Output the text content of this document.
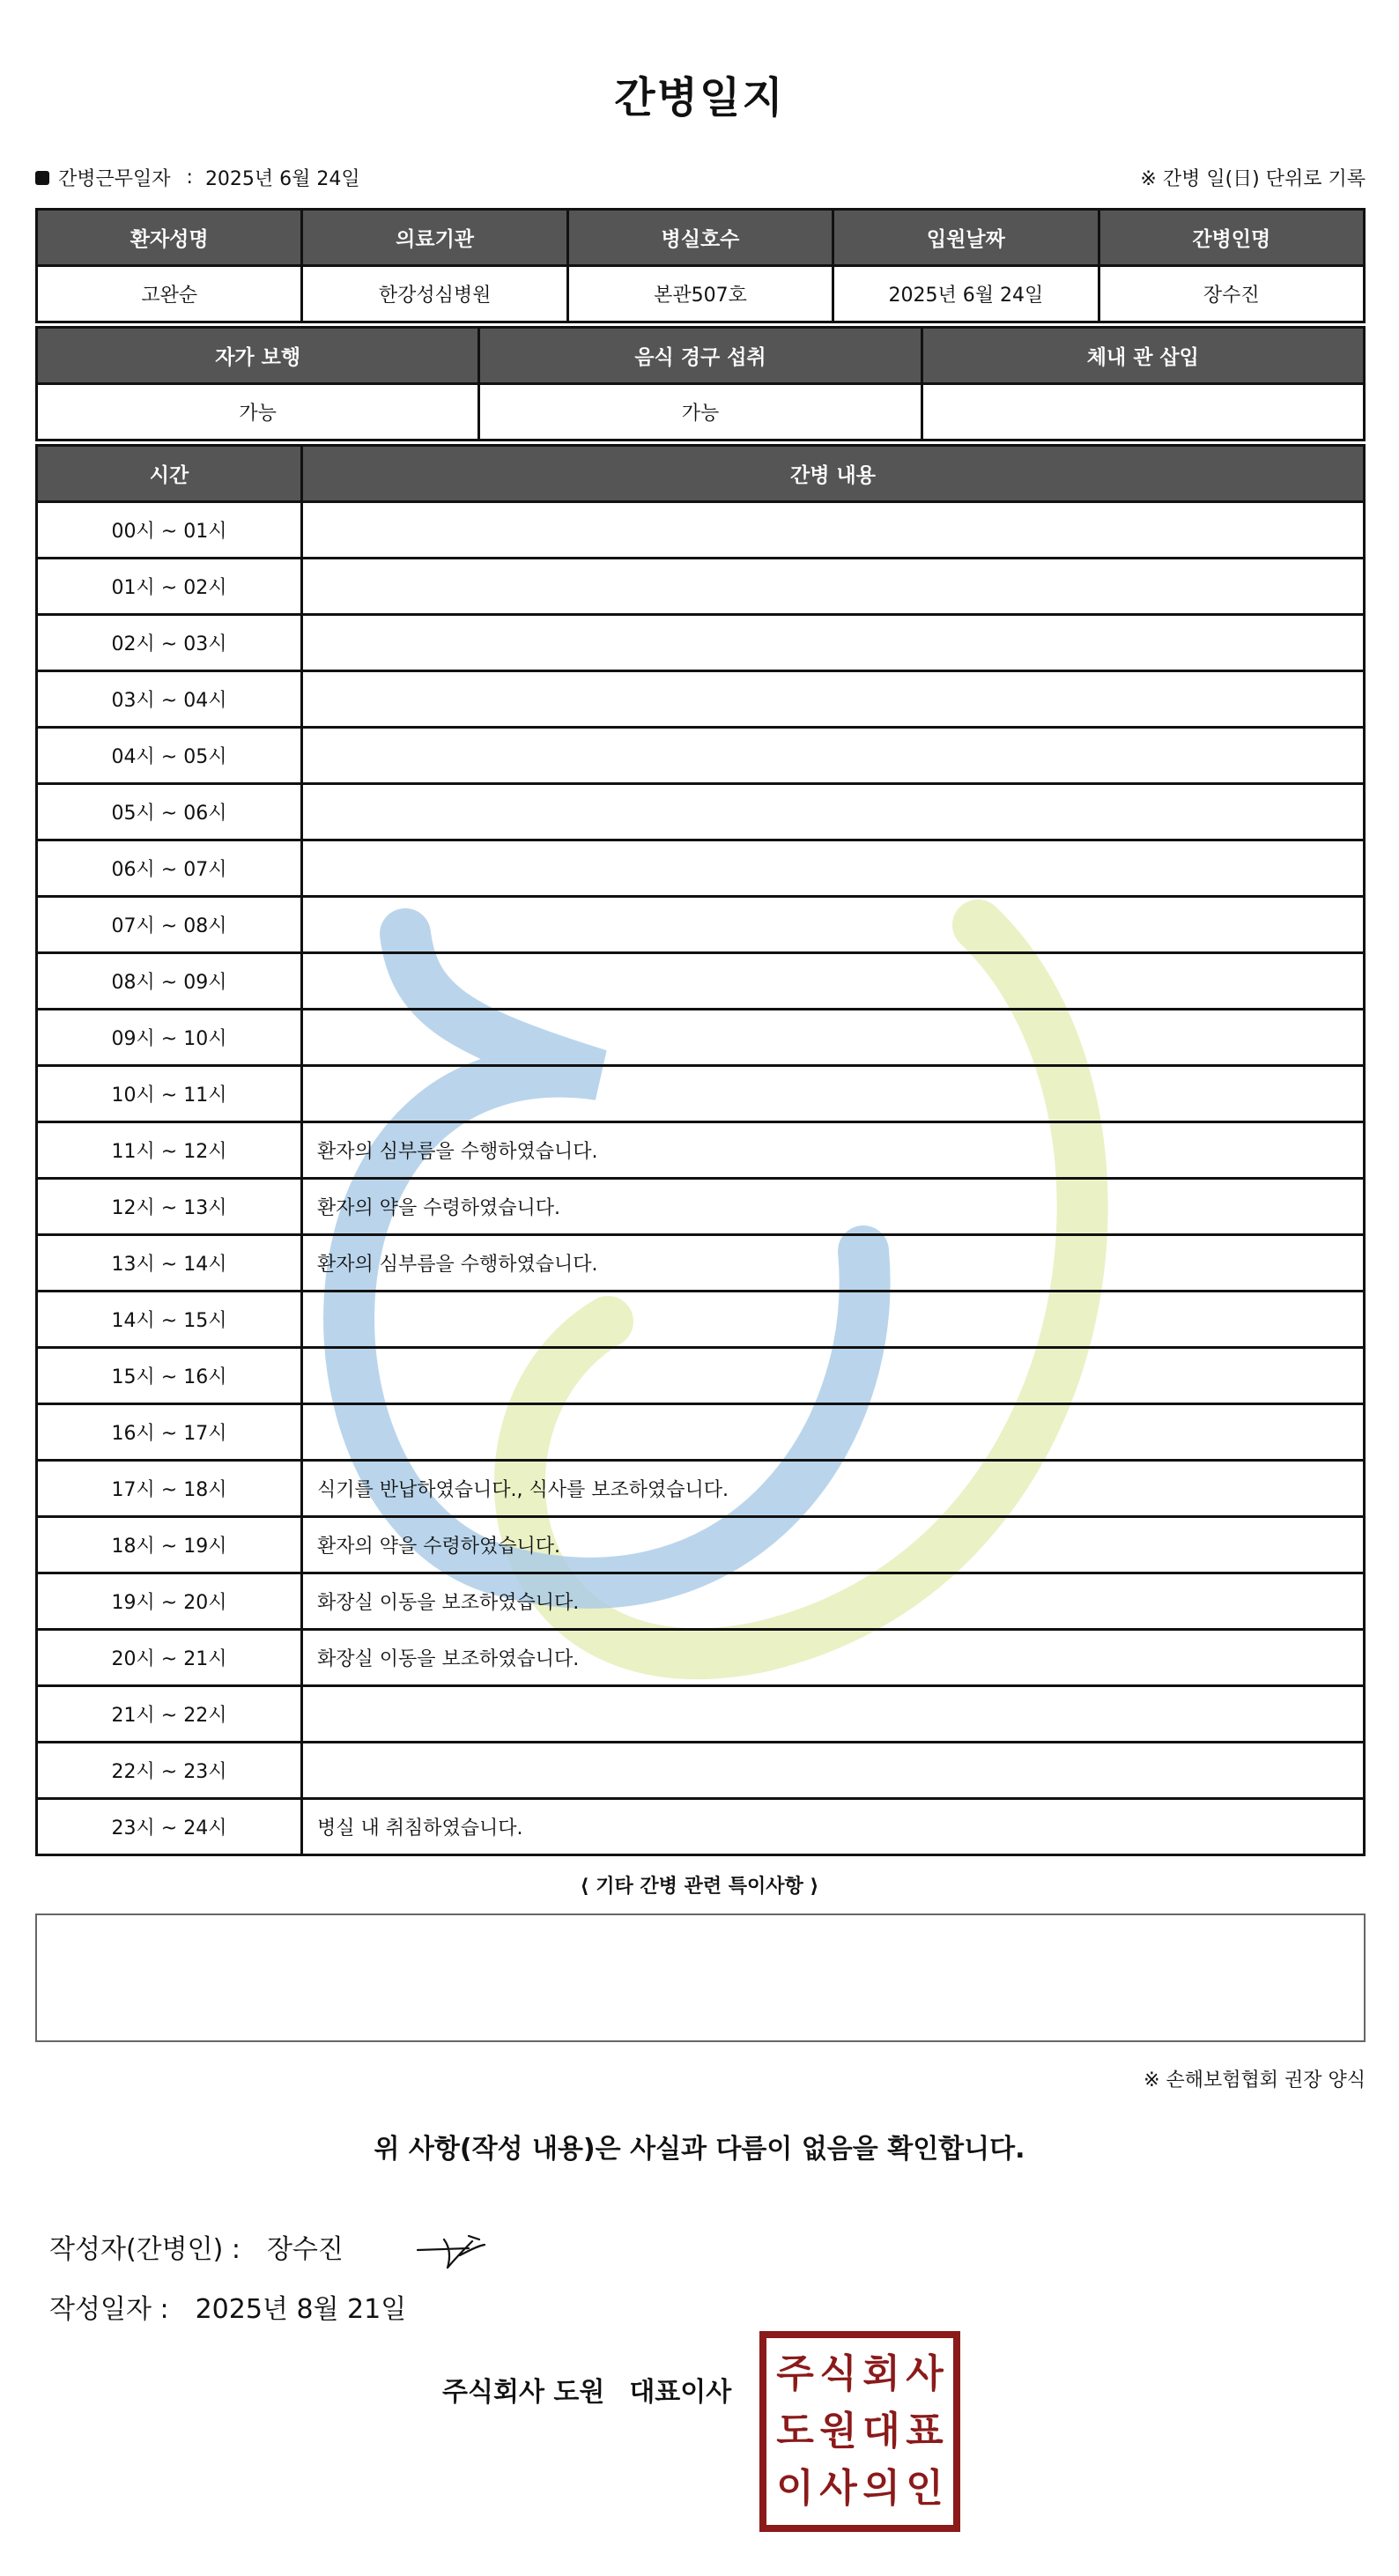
간병일지
간병근무일자 : 2025년 6월 24일	※ 간병 일(日) 단위로 기록
환자성명	의료기관	병실호수	입원날짜	간병인명
고완순	한강성심병원	본관507호	2025년 6월 24일	장수진
자가 보행	음식 경구 섭취	체내 관 삽입
가능	가능	
시간	간병 내용
00시 ~ 01시	
01시 ~ 02시	
02시 ~ 03시	
03시 ~ 04시	
04시 ~ 05시	
05시 ~ 06시	
06시 ~ 07시	
07시 ~ 08시	
08시 ~ 09시	
09시 ~ 10시	
10시 ~ 11시	
11시 ~ 12시	환자의 심부름을 수행하였습니다.
12시 ~ 13시	환자의 약을 수령하였습니다.
13시 ~ 14시	환자의 심부름을 수행하였습니다.
14시 ~ 15시	
15시 ~ 16시	
16시 ~ 17시	
17시 ~ 18시	식기를 반납하였습니다., 식사를 보조하였습니다.
18시 ~ 19시	환자의 약을 수령하였습니다.
19시 ~ 20시	화장실 이동을 보조하였습니다.
20시 ~ 21시	화장실 이동을 보조하였습니다.
21시 ~ 22시	
22시 ~ 23시	
23시 ~ 24시	병실 내 취침하였습니다.
⟨ 기타 간병 관련 특이사항 ⟩
※ 손해보험협회 권장 양식
위 사항(작성 내용)은 사실과 다름이 없음을 확인합니다.
작성자(간병인) : 장수진
작성일자 : 2025년 8월 21일
주식회사 도원 대표이사 주 식 회 사
도 원 대 표
이 사 의 인
